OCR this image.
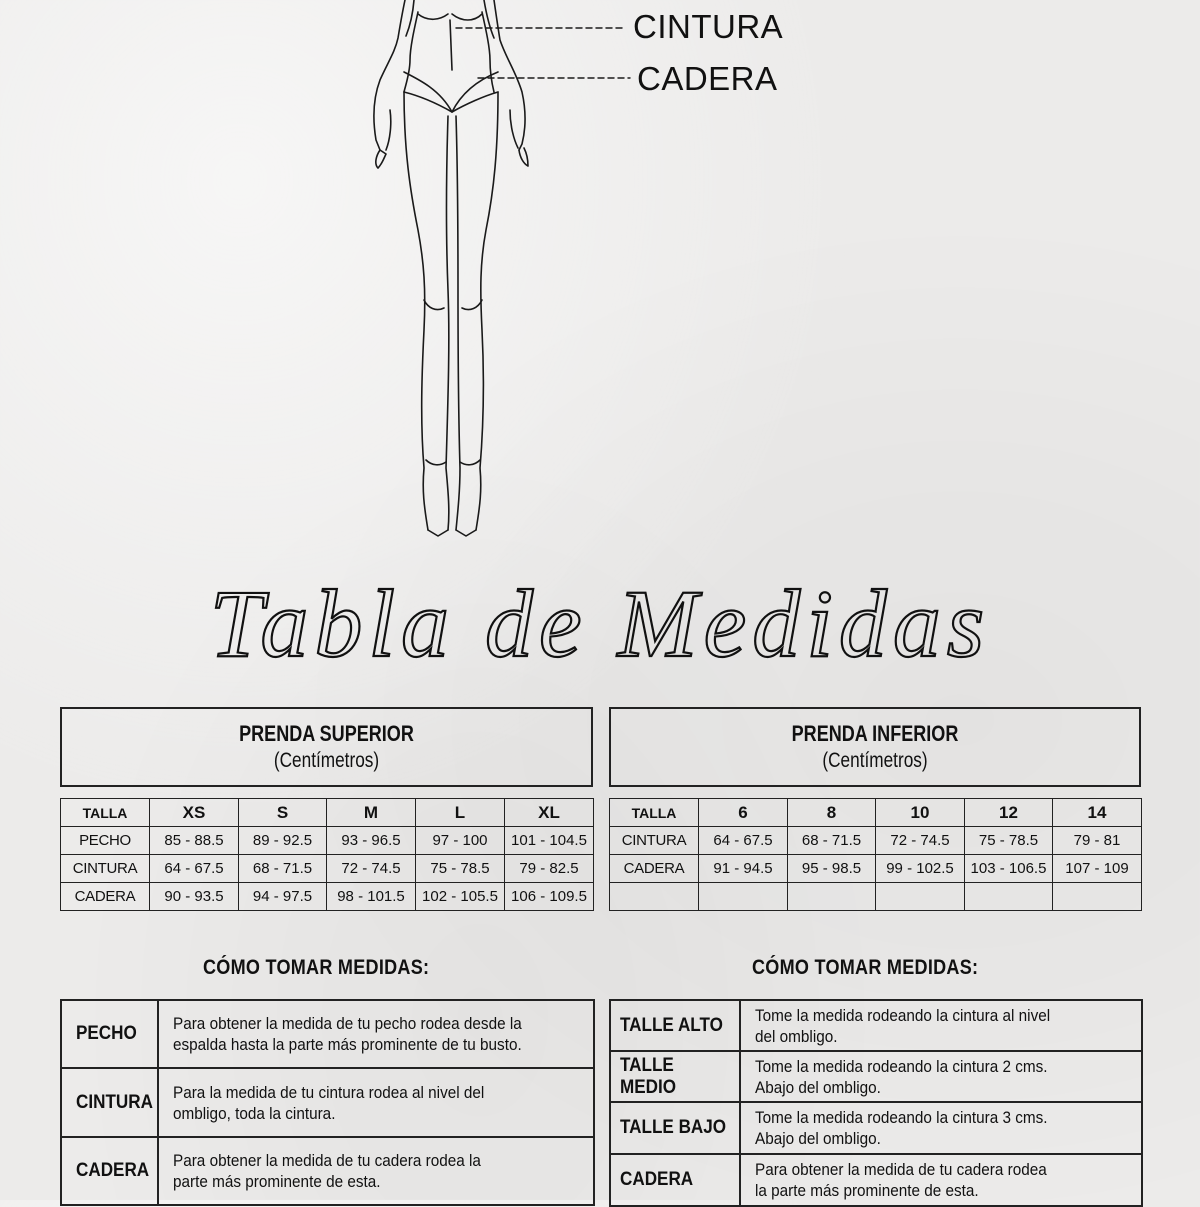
CINTURA
CADERA
Tabla de Medidas
PRENDA SUPERIOR
(Centímetros)
PRENDA INFERIOR
(Centímetros)
TALLA	XS	S	M	L	XL
PECHO	85 - 88.5	89 - 92.5	93 - 96.5	97 - 100	101 - 104.5
CINTURA	64 - 67.5	68 - 71.5	72 - 74.5	75 - 78.5	79 - 82.5
CADERA	90 - 93.5	94 - 97.5	98 - 101.5	102 - 105.5	106 - 109.5
TALLA	6	8	10	12	14
CINTURA	64 - 67.5	68 - 71.5	72 - 74.5	75 - 78.5	79 - 81
CADERA	91 - 94.5	95 - 98.5	99 - 102.5	103 - 106.5	107 - 109

CÓMO TOMAR MEDIDAS:	CÓMO TOMAR MEDIDAS:
PECHO	Para obtener la medida de tu pecho rodea desde la
espalda hasta la parte más prominente de tu busto.
CINTURA	Para la medida de tu cintura rodea al nivel del
ombligo, toda la cintura.
CADERA	Para obtener la medida de tu cadera rodea la
parte más prominente de esta.
TALLE ALTO	Tome la medida rodeando la cintura al nivel
del ombligo.
TALLE MEDIO	Tome la medida rodeando la cintura 2 cms.
Abajo del ombligo.
TALLE BAJO	Tome la medida rodeando la cintura 3 cms.
Abajo del ombligo.
CADERA	Para obtener la medida de tu cadera rodea
la parte más prominente de esta.
